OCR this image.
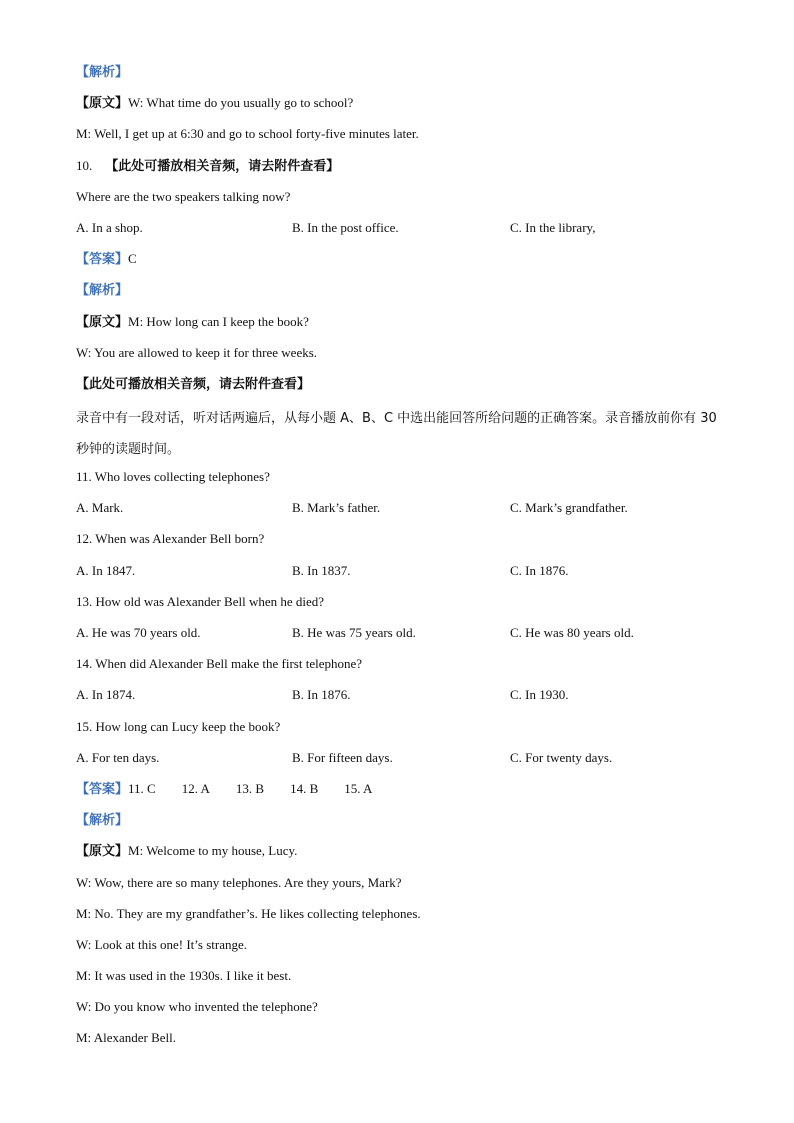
【解析】
【原文】W: What time do you usually go to school?
M: Well, I get up at 6:30 and go to school forty-five minutes later.
10. 【此处可播放相关音频，请去附件查看】
Where are the two speakers talking now?
A. In a shop.	B. In the post office.	C. In the library,
【答案】C
【解析】
【原文】M: How long can I keep the book?
W: You are allowed to keep it for three weeks.
【此处可播放相关音频，请去附件查看】
录音中有一段对话，听对话两遍后，从每小题 A、B、C 中选出能回答所给问题的正确答案。录音播放前你有 30 秒钟的读题时间。
11. Who loves collecting telephones?
A. Mark.	B. Mark’s father.	C. Mark’s grandfather.
12. When was Alexander Bell born?
A. In 1847.	B. In 1837.	C. In 1876.
13. How old was Alexander Bell when he died?
A. He was 70 years old.	B. He was 75 years old.	C. He was 80 years old.
14. When did Alexander Bell make the first telephone?
A. In 1874.	B. In 1876.	C. In 1930.
15. How long can Lucy keep the book?
A. For ten days.	B. For fifteen days.	C. For twenty days.
【答案】11. C 12. A 13. B 14. B 15. A
【解析】
【原文】M: Welcome to my house, Lucy.
W: Wow, there are so many telephones. Are they yours, Mark?
M: No. They are my grandfather’s. He likes collecting telephones.
W: Look at this one! It’s strange.
M: It was used in the 1930s. I like it best.
W: Do you know who invented the telephone?
M: Alexander Bell.
